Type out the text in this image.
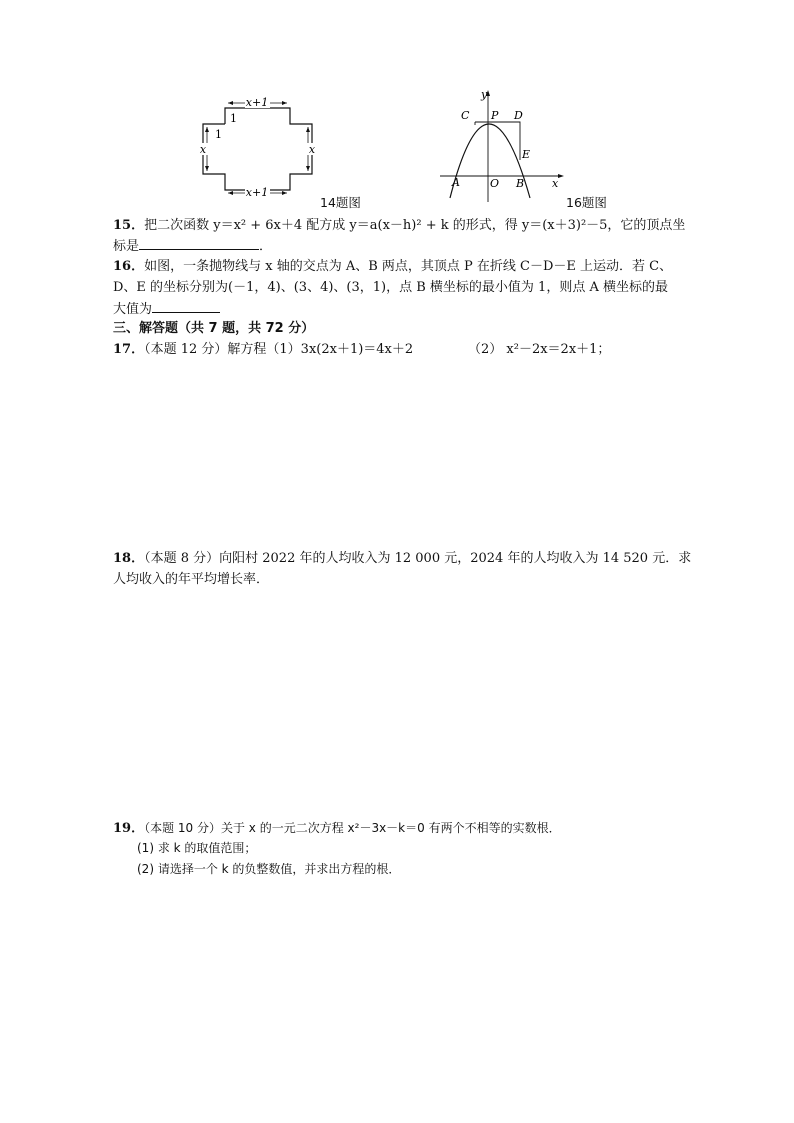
x+1
x+1
x	x
1
1
14题图
y
x
C P D
E
A	O B
16题图
15．把二次函数 y＝x² + 6x＋4 配方成 y＝a(x－h)² + k 的形式，得 y＝(x＋3)²－5，它的顶点坐
标是	．
16．如图，一条抛物线与 x 轴的交点为 A、B 两点，其顶点 P 在折线 C－D－E 上运动．若 C、
D、E 的坐标分别为(－1，4)、(3、4)、(3，1)，点 B 横坐标的最小值为 1，则点 A 横坐标的最
大值为
三、解答题（共 7 题，共 72 分）
17．（本题 12 分）解方程（1）3x(2x＋1)＝4x＋2	（2） x²－2x＝2x＋1；
18．（本题 8 分）向阳村 2022 年的人均收入为 12 000 元，2024 年的人均收入为 14 520 元．求
人均收入的年平均增长率．
19．（本题 10 分）关于 x 的一元二次方程 x²－3x－k＝0 有两个不相等的实数根．
(1) 求 k 的取值范围；
(2) 请选择一个 k 的负整数值，并求出方程的根．
